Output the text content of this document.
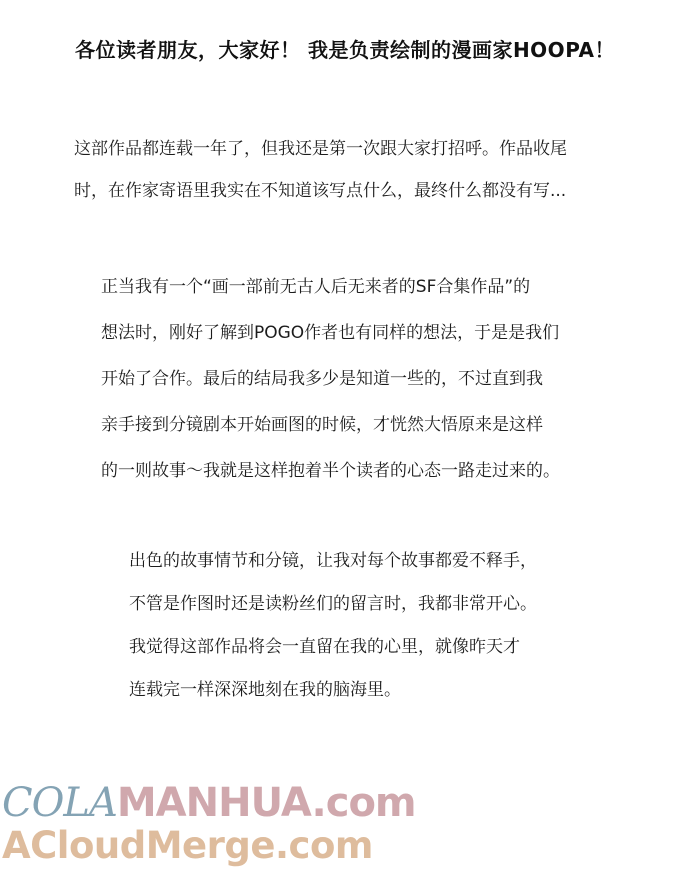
各位读者朋友，大家好！ 我是负责绘制的漫画家HOOPA！
这部作品都连载一年了，但我还是第一次跟大家打招呼。作品收尾
时，在作家寄语里我实在不知道该写点什么，最终什么都没有写...
正当我有一个“画一部前无古人后无来者的SF合集作品”的
想法时，刚好了解到POGO作者也有同样的想法，于是是我们
开始了合作。最后的结局我多少是知道一些的，不过直到我
亲手接到分镜剧本开始画图的时候，才恍然大悟原来是这样
的一则故事～我就是这样抱着半个读者的心态一路走过来的。
出色的故事情节和分镜，让我对每个故事都爱不释手，
不管是作图时还是读粉丝们的留言时，我都非常开心。
我觉得这部作品将会一直留在我的心里，就像昨天才
连载完一样深深地刻在我的脑海里。
COLAMANHUA.com
ACloudMerge.com
